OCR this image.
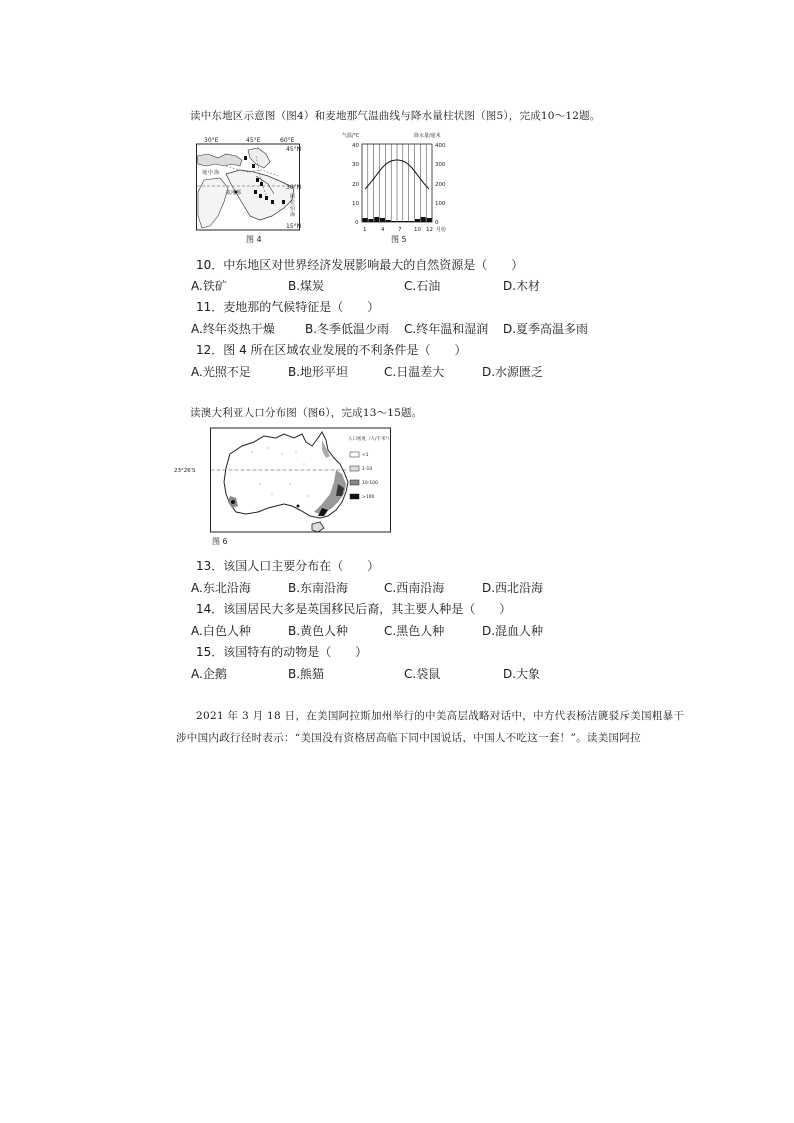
读中东地区示意图（图4）和麦地那气温曲线与降水量柱状图（图5），完成10～12题。
30°E	45°E	60°E
45°N
30°N
15°N
地 中 海
麦地那
阿
拉
伯
海
图 4
气温/℃	降水量/毫米
40
30
20
10
0
400
300
200
100
0
1	4 7 10 12 月份
图 5
10．中东地区对世界经济发展影响最大的自然资源是（　　）
A.铁矿	B.煤炭	C.石油	D.木材
11．麦地那的气候特征是（　　）
A.终年炎热干燥	B.冬季低温少雨 C.终年温和湿润 D.夏季高温多雨
12．图 4 所在区域农业发展的不利条件是（　　）
A.光照不足	B.地形平坦	C.日温差大	D.水源匮乏
读澳大利亚人口分布图（图6），完成13～15题。
23°26′S
人口密度（人/千米²）
<1
1-10
10-100
>100
图 6
13．该国人口主要分布在（　　）
A.东北沿海	B.东南沿海	C.西南沿海	D.西北沿海
14．该国居民大多是英国移民后裔，其主要人种是（　　）
A.白色人种	B.黄色人种	C.黑色人种	D.混血人种
15．该国特有的动物是（　　）
A.企鹅	B.熊猫	C.袋鼠	D.大象
2021 年 3 月 18 日，在美国阿拉斯加州举行的中美高层战略对话中，中方代表杨洁篪驳斥美国粗暴干
涉中国内政行径时表示：“美国没有资格居高临下同中国说话，中国人不吃这一套！”。读美国阿拉
